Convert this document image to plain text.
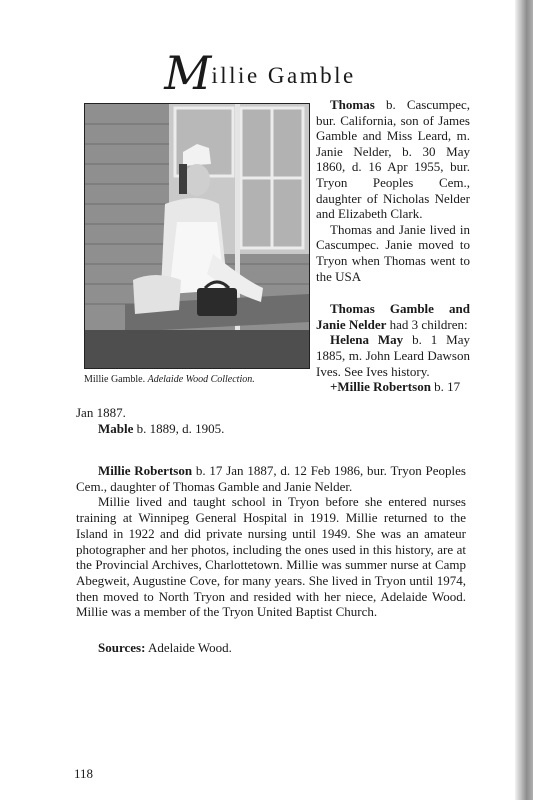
Millie Gamble
Millie Gamble. Adelaide Wood Collection.

Thomas b. Cascumpec, bur. California, son of James Gamble and Miss Leard, m. Janie Nelder, b. 30 May 1860, d. 16 Apr 1955, bur. Tryon Peoples Cem., daughter of Nicholas Nelder and Elizabeth Clark.

Thomas and Janie lived in Cascumpec. Janie moved to Tryon when Thomas went to the USA

Thomas Gamble and Janie Nelder had 3 children:

Helena May b. 1 May 1885, m. John Leard Dawson Ives. See Ives history.

+Millie Robertson b. 17

Jan 1887.

Mable b. 1889, d. 1905.

Millie Robertson b. 17 Jan 1887, d. 12 Feb 1986, bur. Tryon Peoples Cem., daughter of Thomas Gamble and Janie Nelder.

Millie lived and taught school in Tryon before she entered nurses training at Winnipeg General Hospital in 1919. Millie returned to the Island in 1922 and did private nursing until 1949. She was an amateur photographer and her photos, including the ones used in this history, are at the Provincial Archives, Charlottetown. Millie was summer nurse at Camp Abegweit, Augustine Cove, for many years. She lived in Tryon until 1974, then moved to North Tryon and resided with her niece, Adelaide Wood. Millie was a member of the Tryon United Baptist Church.

Sources: Adelaide Wood.
118
